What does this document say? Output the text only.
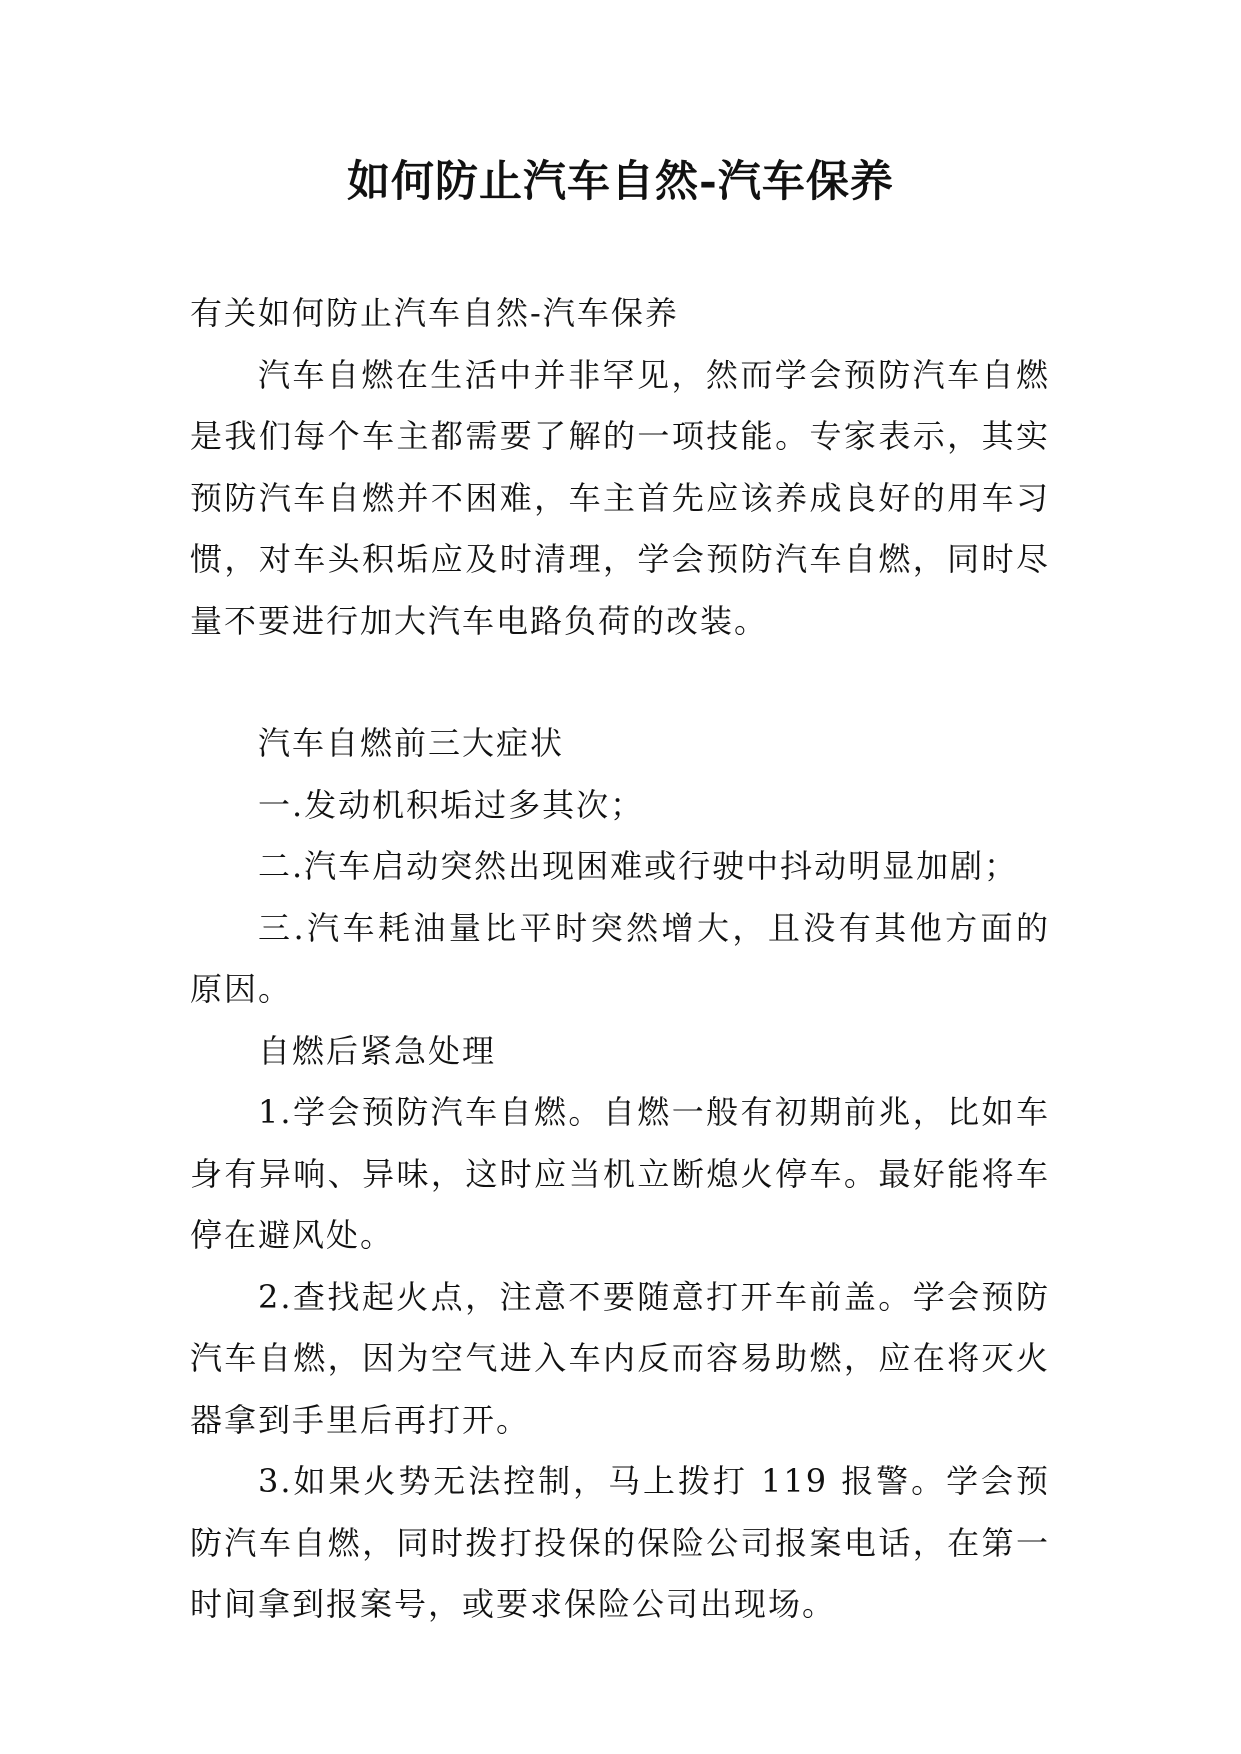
如何防止汽车自然-汽车保养

有关如何防止汽车自然-汽车保养

汽车自燃在生活中并非罕见，然而学会预防汽车自燃是我们每个车主都需要了解的一项技能。专家表示，其实预防汽车自燃并不困难，车主首先应该养成良好的用车习惯，对车头积垢应及时清理，学会预防汽车自燃，同时尽量不要进行加大汽车电路负荷的改装。

汽车自燃前三大症状

一.发动机积垢过多其次；

二.汽车启动突然出现困难或行驶中抖动明显加剧；

三.汽车耗油量比平时突然增大，且没有其他方面的原因。

自燃后紧急处理

1.学会预防汽车自燃。自燃一般有初期前兆，比如车身有异响、异味，这时应当机立断熄火停车。最好能将车停在避风处。

2.查找起火点，注意不要随意打开车前盖。学会预防汽车自燃，因为空气进入车内反而容易助燃，应在将灭火器拿到手里后再打开。

3.如果火势无法控制，马上拨打 119 报警。学会预防汽车自燃，同时拨打投保的保险公司报案电话，在第一时间拿到报案号，或要求保险公司出现场。
